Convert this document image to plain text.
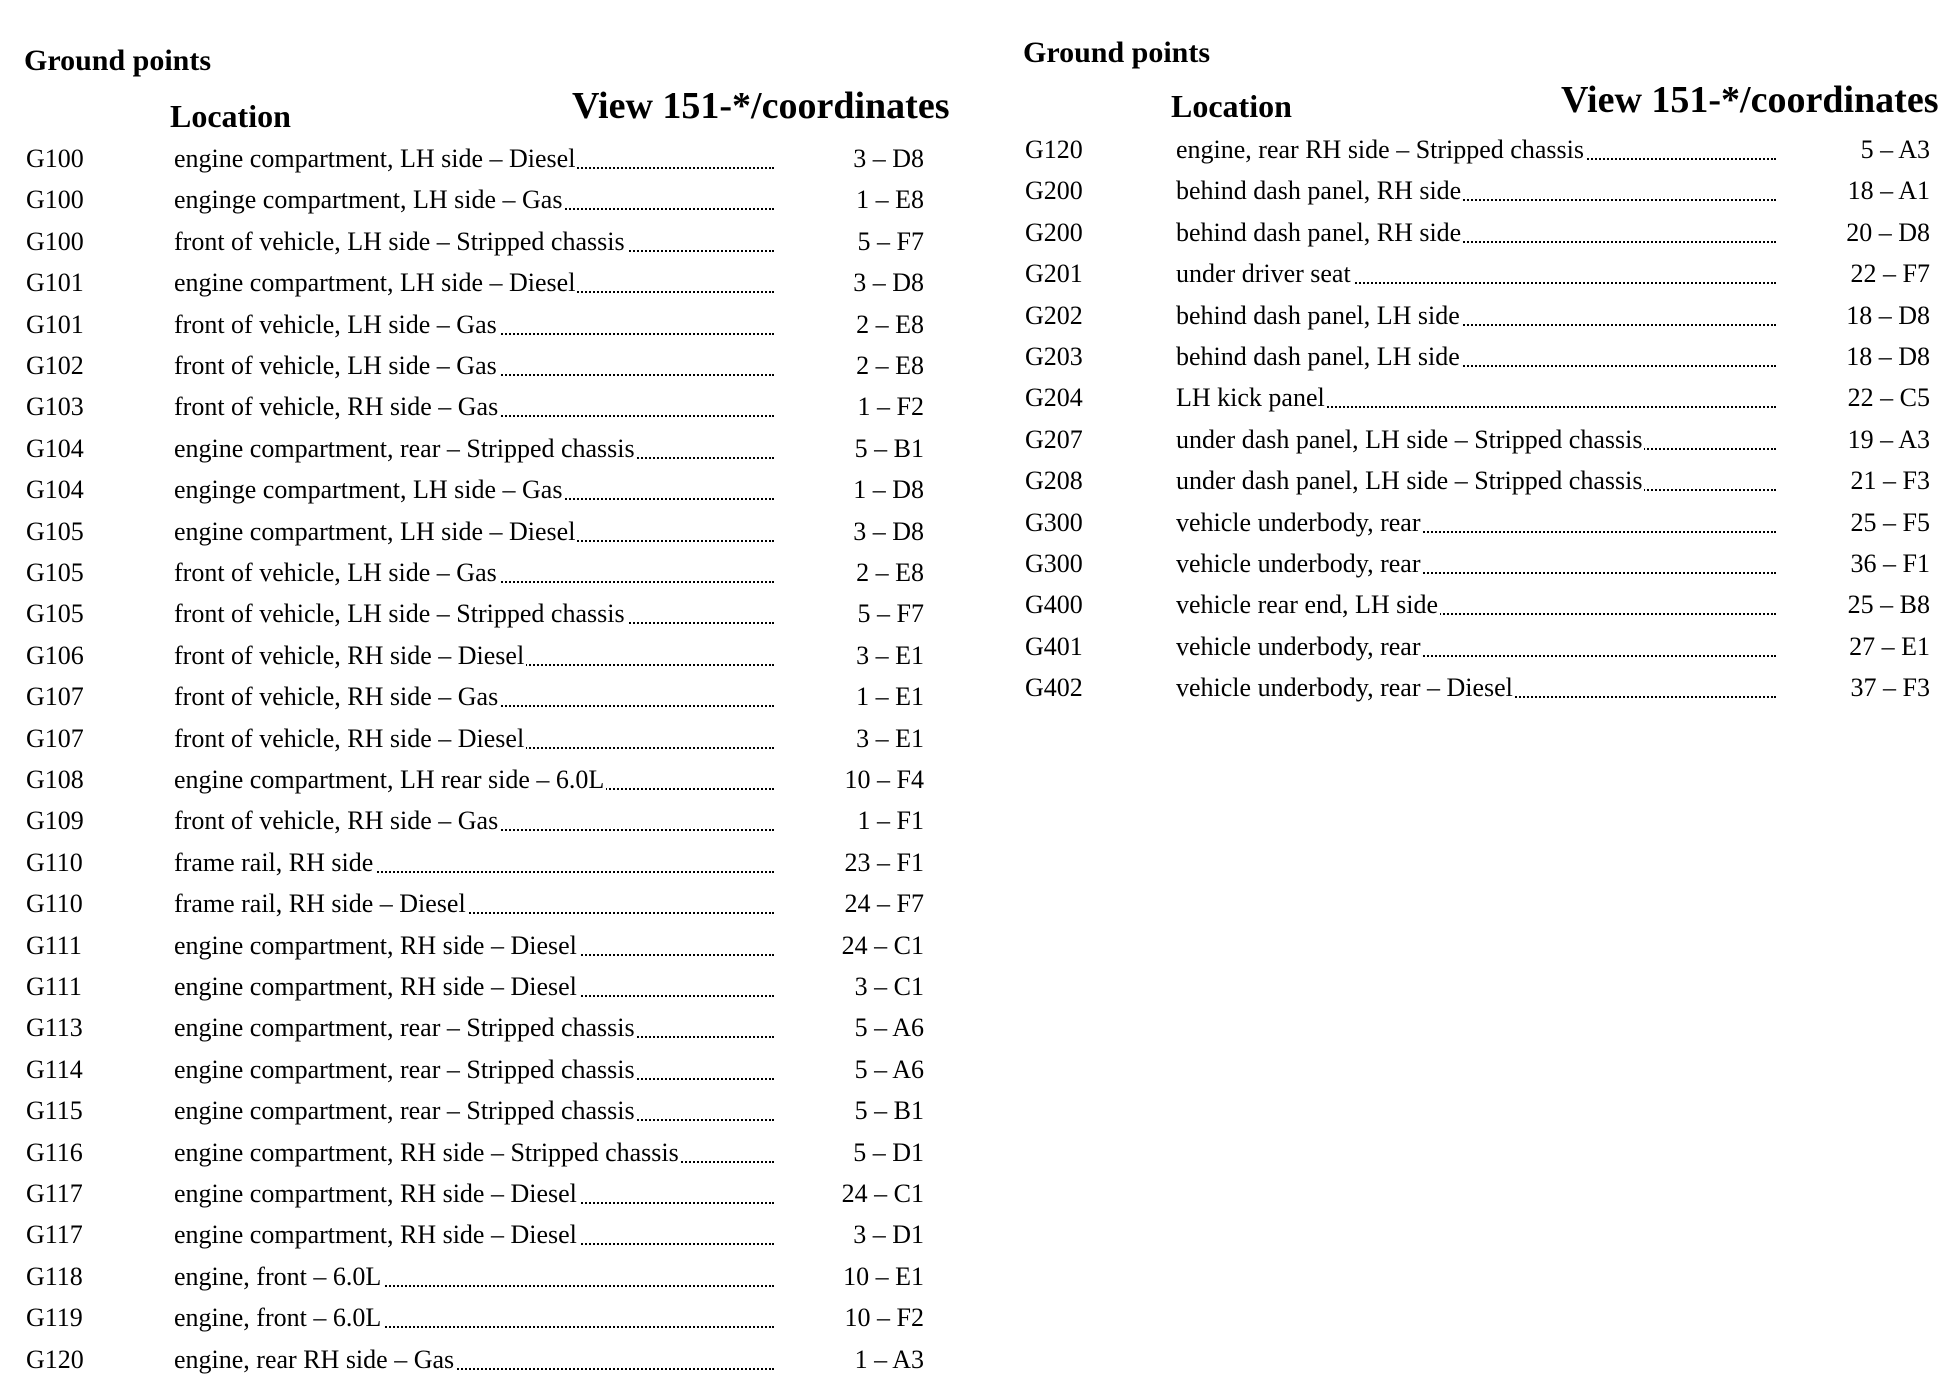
Ground points
Location	View 151-*/coordinates
G100	engine compartment, LH side – Diesel	3 – D8
G100	enginge compartment, LH side – Gas	1 – E8
G100	front of vehicle, LH side – Stripped chassis	5 – F7
G101	engine compartment, LH side – Diesel	3 – D8
G101	front of vehicle, LH side – Gas	2 – E8
G102	front of vehicle, LH side – Gas	2 – E8
G103	front of vehicle, RH side – Gas	1 – F2
G104	engine compartment, rear – Stripped chassis	5 – B1
G104	enginge compartment, LH side – Gas	1 – D8
G105	engine compartment, LH side – Diesel	3 – D8
G105	front of vehicle, LH side – Gas	2 – E8
G105	front of vehicle, LH side – Stripped chassis	5 – F7
G106	front of vehicle, RH side – Diesel	3 – E1
G107	front of vehicle, RH side – Gas	1 – E1
G107	front of vehicle, RH side – Diesel	3 – E1
G108	engine compartment, LH rear side – 6.0L	10 – F4
G109	front of vehicle, RH side – Gas	1 – F1
G110	frame rail, RH side	23 – F1
G110	frame rail, RH side – Diesel	24 – F7
G111	engine compartment, RH side – Diesel	24 – C1
G111	engine compartment, RH side – Diesel	3 – C1
G113	engine compartment, rear – Stripped chassis	5 – A6
G114	engine compartment, rear – Stripped chassis	5 – A6
G115	engine compartment, rear – Stripped chassis	5 – B1
G116	engine compartment, RH side – Stripped chassis	5 – D1
G117	engine compartment, RH side – Diesel	24 – C1
G117	engine compartment, RH side – Diesel	3 – D1
G118	engine, front – 6.0L	10 – E1
G119	engine, front – 6.0L	10 – F2
G120	engine, rear RH side – Gas	1 – A3
Ground points
Location	View 151-*/coordinates
G120	engine, rear RH side – Stripped chassis	5 – A3
G200	behind dash panel, RH side	18 – A1
G200	behind dash panel, RH side	20 – D8
G201	under driver seat	22 – F7
G202	behind dash panel, LH side	18 – D8
G203	behind dash panel, LH side	18 – D8
G204	LH kick panel	22 – C5
G207	under dash panel, LH side – Stripped chassis	19 – A3
G208	under dash panel, LH side – Stripped chassis	21 – F3
G300	vehicle underbody, rear	25 – F5
G300	vehicle underbody, rear	36 – F1
G400	vehicle rear end, LH side	25 – B8
G401	vehicle underbody, rear	27 – E1
G402	vehicle underbody, rear – Diesel	37 – F3
